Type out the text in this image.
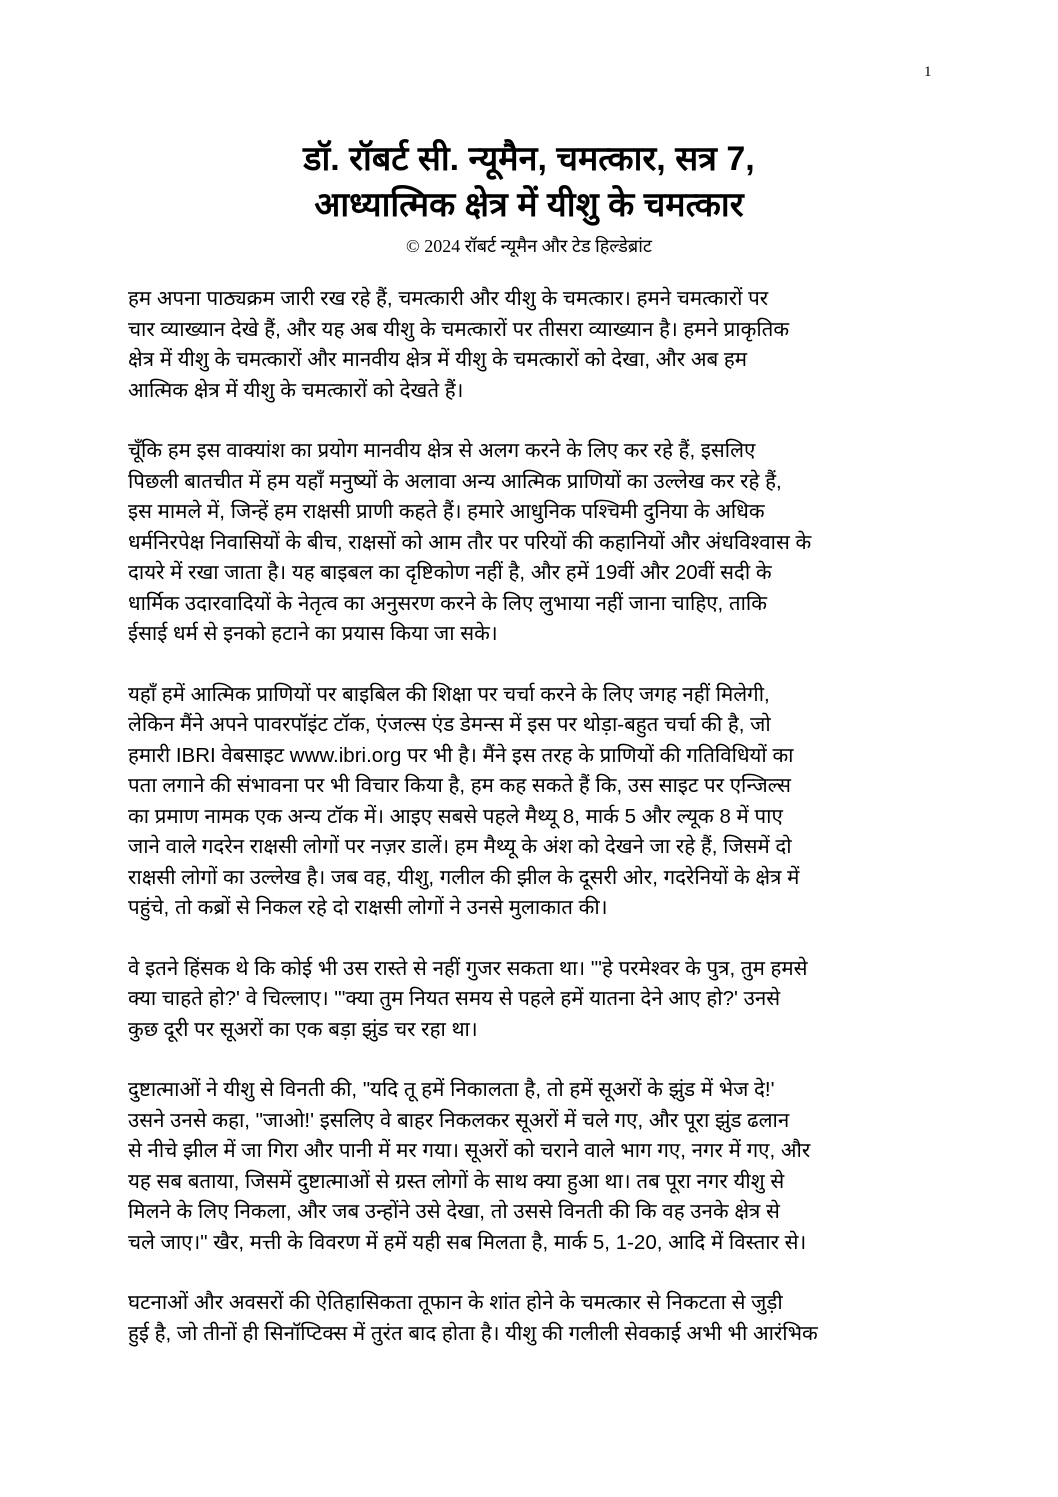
1
डॉ. रॉबर्ट सी. न्यूमैन, चमत्कार, सत्र 7,
आध्यात्मिक क्षेत्र में यीशु के चमत्कार
© 2024 रॉबर्ट न्यूमैन और टेड हिल्डेब्रांट
हम अपना पाठ्यक्रम जारी रख रहे हैं, चमत्कारी और यीशु के चमत्कार। हमने चमत्कारों पर
चार व्याख्यान देखे हैं, और यह अब यीशु के चमत्कारों पर तीसरा व्याख्यान है। हमने प्राकृतिक
क्षेत्र में यीशु के चमत्कारों और मानवीय क्षेत्र में यीशु के चमत्कारों को देखा, और अब हम
आत्मिक क्षेत्र में यीशु के चमत्कारों को देखते हैं।
चूँकि हम इस वाक्यांश का प्रयोग मानवीय क्षेत्र से अलग करने के लिए कर रहे हैं, इसलिए
पिछली बातचीत में हम यहाँ मनुष्यों के अलावा अन्य आत्मिक प्राणियों का उल्लेख कर रहे हैं,
इस मामले में, जिन्हें हम राक्षसी प्राणी कहते हैं। हमारे आधुनिक पश्चिमी दुनिया के अधिक
धर्मनिरपेक्ष निवासियों के बीच, राक्षसों को आम तौर पर परियों की कहानियों और अंधविश्वास के
दायरे में रखा जाता है। यह बाइबल का दृष्टिकोण नहीं है, और हमें 19वीं और 20वीं सदी के
धार्मिक उदारवादियों के नेतृत्व का अनुसरण करने के लिए लुभाया नहीं जाना चाहिए, ताकि
ईसाई धर्म से इनको हटाने का प्रयास किया जा सके।
यहाँ हमें आत्मिक प्राणियों पर बाइबिल की शिक्षा पर चर्चा करने के लिए जगह नहीं मिलेगी,
लेकिन मैंने अपने पावरपॉइंट टॉक, एंजल्स एंड डेमन्स में इस पर थोड़ा-बहुत चर्चा की है, जो
हमारी IBRI वेबसाइट www.ibri.org पर भी है। मैंने इस तरह के प्राणियों की गतिविधियों का
पता लगाने की संभावना पर भी विचार किया है, हम कह सकते हैं कि, उस साइट पर एन्जिल्स
का प्रमाण नामक एक अन्य टॉक में। आइए सबसे पहले मैथ्यू 8, मार्क 5 और ल्यूक 8 में पाए
जाने वाले गदरेन राक्षसी लोगों पर नज़र डालें। हम मैथ्यू के अंश को देखने जा रहे हैं, जिसमें दो
राक्षसी लोगों का उल्लेख है। जब वह, यीशु, गलील की झील के दूसरी ओर, गदरेनियों के क्षेत्र में
पहुंचे, तो कब्रों से निकल रहे दो राक्षसी लोगों ने उनसे मुलाकात की।
वे इतने हिंसक थे कि कोई भी उस रास्ते से नहीं गुजर सकता था। "'हे परमेश्वर के पुत्र, तुम हमसे
क्या चाहते हो?' वे चिल्लाए। "'क्या तुम नियत समय से पहले हमें यातना देने आए हो?' उनसे
कुछ दूरी पर सूअरों का एक बड़ा झुंड चर रहा था।
दुष्टात्माओं ने यीशु से विनती की, "यदि तू हमें निकालता है, तो हमें सूअरों के झुंड में भेज दे!'
उसने उनसे कहा, "जाओ!' इसलिए वे बाहर निकलकर सूअरों में चले गए, और पूरा झुंड ढलान
से नीचे झील में जा गिरा और पानी में मर गया। सूअरों को चराने वाले भाग गए, नगर में गए, और
यह सब बताया, जिसमें दुष्टात्माओं से ग्रस्त लोगों के साथ क्या हुआ था। तब पूरा नगर यीशु से
मिलने के लिए निकला, और जब उन्होंने उसे देखा, तो उससे विनती की कि वह उनके क्षेत्र से
चले जाए।" खैर, मत्ती के विवरण में हमें यही सब मिलता है, मार्क 5, 1-20, आदि में विस्तार से।
घटनाओं और अवसरों की ऐतिहासिकता तूफान के शांत होने के चमत्कार से निकटता से जुड़ी
हुई है, जो तीनों ही सिनॉप्टिक्स में तुरंत बाद होता है। यीशु की गलीली सेवकाई अभी भी आरंभिक
